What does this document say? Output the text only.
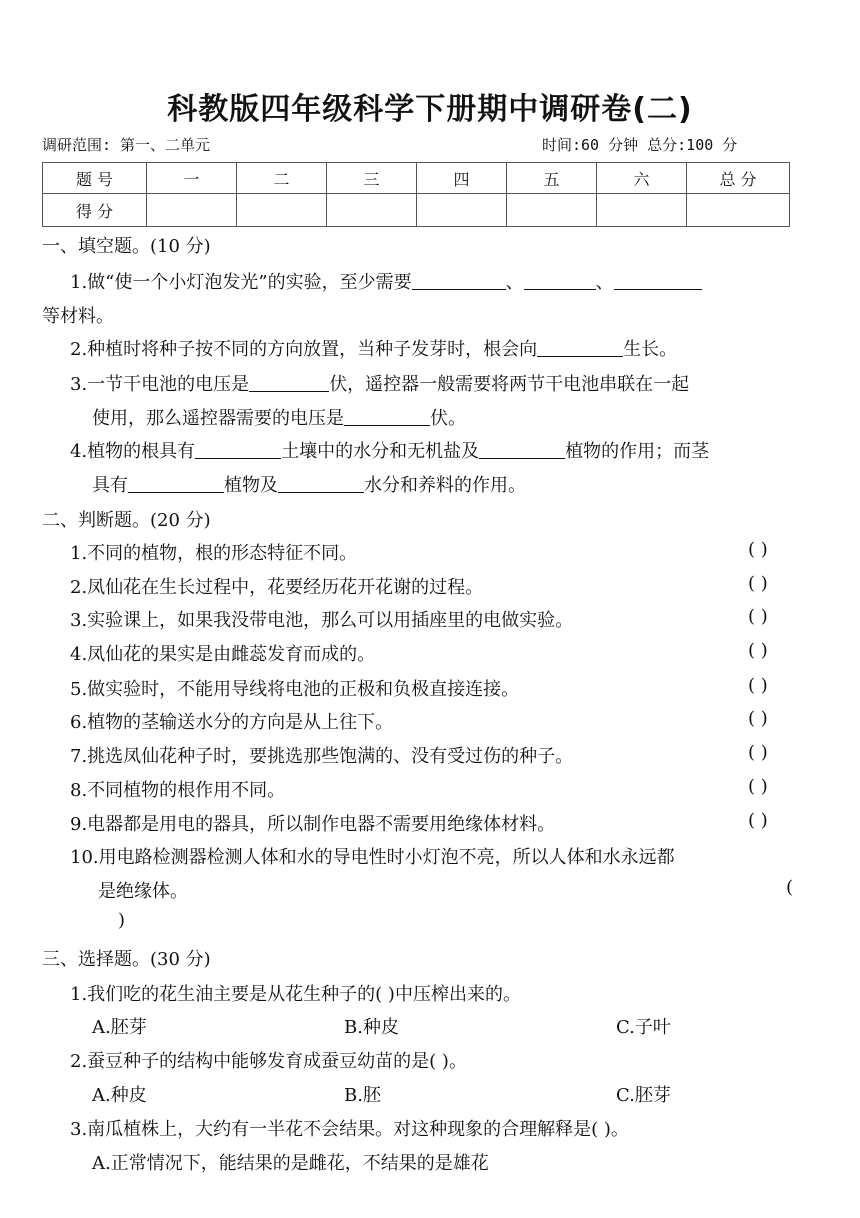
科教版四年级科学下册期中调研卷(二)
调研范围: 第一、二单元	时间:60 分钟 总分:100 分
题 号	一	二	三	四	五	六	总 分
得 分							
一、填空题。(10 分)
1.做“使一个小灯泡发光”的实验，至少需要	、	、
等材料。
2.种植时将种子按不同的方向放置，当种子发芽时，根会向	生长。
3.一节干电池的电压是	伏，遥控器一般需要将两节干电池串联在一起
使用，那么遥控器需要的电压是	伏。
4.植物的根具有	土壤中的水分和无机盐及	植物的作用；而茎
具有	植物及	水分和养料的作用。
二、判断题。(20 分)
1.不同的植物，根的形态特征不同。	( )
2.凤仙花在生长过程中，花要经历花开花谢的过程。	( )
3.实验课上，如果我没带电池，那么可以用插座里的电做实验。	( )
4.凤仙花的果实是由雌蕊发育而成的。	( )
5.做实验时，不能用导线将电池的正极和负极直接连接。	( )
6.植物的茎输送水分的方向是从上往下。	( )
7.挑选凤仙花种子时，要挑选那些饱满的、没有受过伤的种子。	( )
8.不同植物的根作用不同。	( )
9.电器都是用电的器具，所以制作电器不需要用绝缘体材料。	( )
10.用电路检测器检测人体和水的导电性时小灯泡不亮，所以人体和水永远都
是绝缘体。	(
)
三、选择题。(30 分)
1.我们吃的花生油主要是从花生种子的( )中压榨出来的。
A.胚芽	B.种皮	C.子叶
2.蚕豆种子的结构中能够发育成蚕豆幼苗的是( )。
A.种皮	B.胚	C.胚芽
3.南瓜植株上，大约有一半花不会结果。对这种现象的合理解释是( )。
A.正常情况下，能结果的是雌花，不结果的是雄花
